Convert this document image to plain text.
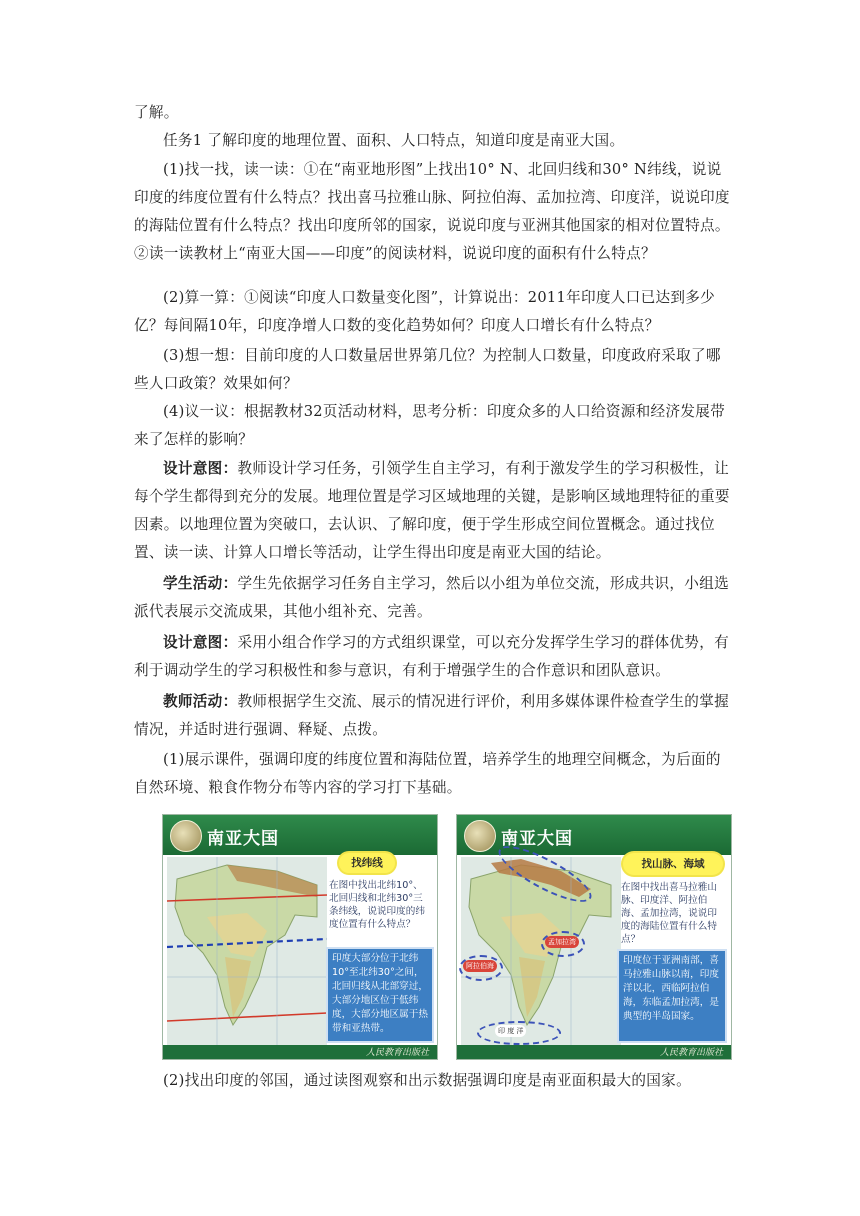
了解。
任务1 了解印度的地理位置、面积、人口特点，知道印度是南亚大国。
(1)找一找，读一读：①在“南亚地形图”上找出10° N、北回归线和30° N纬线，说说印度的纬度位置有什么特点？找出喜马拉雅山脉、阿拉伯海、孟加拉湾、印度洋，说说印度的海陆位置有什么特点？找出印度所邻的国家，说说印度与亚洲其他国家的相对位置特点。②读一读教材上“南亚大国——印度”的阅读材料，说说印度的面积有什么特点？
(2)算一算：①阅读“印度人口数量变化图”，计算说出：2011年印度人口已达到多少亿？每间隔10年，印度净增人口数的变化趋势如何？印度人口增长有什么特点？
(3)想一想：目前印度的人口数量居世界第几位？为控制人口数量，印度政府采取了哪些人口政策？效果如何？
(4)议一议：根据教材32页活动材料，思考分析：印度众多的人口给资源和经济发展带来了怎样的影响？
设计意图：教师设计学习任务，引领学生自主学习，有利于激发学生的学习积极性，让每个学生都得到充分的发展。地理位置是学习区域地理的关键，是影响区域地理特征的重要因素。以地理位置为突破口，去认识、了解印度，便于学生形成空间位置概念。通过找位置、读一读、计算人口增长等活动，让学生得出印度是南亚大国的结论。
学生活动：学生先依据学习任务自主学习，然后以小组为单位交流，形成共识，小组选派代表展示交流成果，其他小组补充、完善。
设计意图：采用小组合作学习的方式组织课堂，可以充分发挥学生学习的群体优势，有利于调动学生的学习积极性和参与意识，有利于增强学生的合作意识和团队意识。
教师活动：教师根据学生交流、展示的情况进行评价，利用多媒体课件检查学生的掌握情况，并适时进行强调、释疑、点拨。
(1)展示课件，强调印度的纬度位置和海陆位置，培养学生的地理空间概念，为后面的自然环境、粮食作物分布等内容的学习打下基础。
南亚大国
找纬线
在图中找出北纬10°、北回归线和北纬30°三条纬线，说说印度的纬度位置有什么特点？
印度大部分位于北纬10°至北纬30°之间，北回归线从北部穿过，大部分地区位于低纬度，大部分地区属于热带和亚热带。
人民教育出版社
南亚大国
阿拉伯海
孟加拉湾
印 度 洋
找山脉、海域
在图中找出喜马拉雅山脉、印度洋、阿拉伯海、孟加拉湾，说说印度的海陆位置有什么特点？
印度位于亚洲南部，喜马拉雅山脉以南，印度洋以北，西临阿拉伯海，东临孟加拉湾，是典型的半岛国家。
人民教育出版社
(2)找出印度的邻国，通过读图观察和出示数据强调印度是南亚面积最大的国家。
